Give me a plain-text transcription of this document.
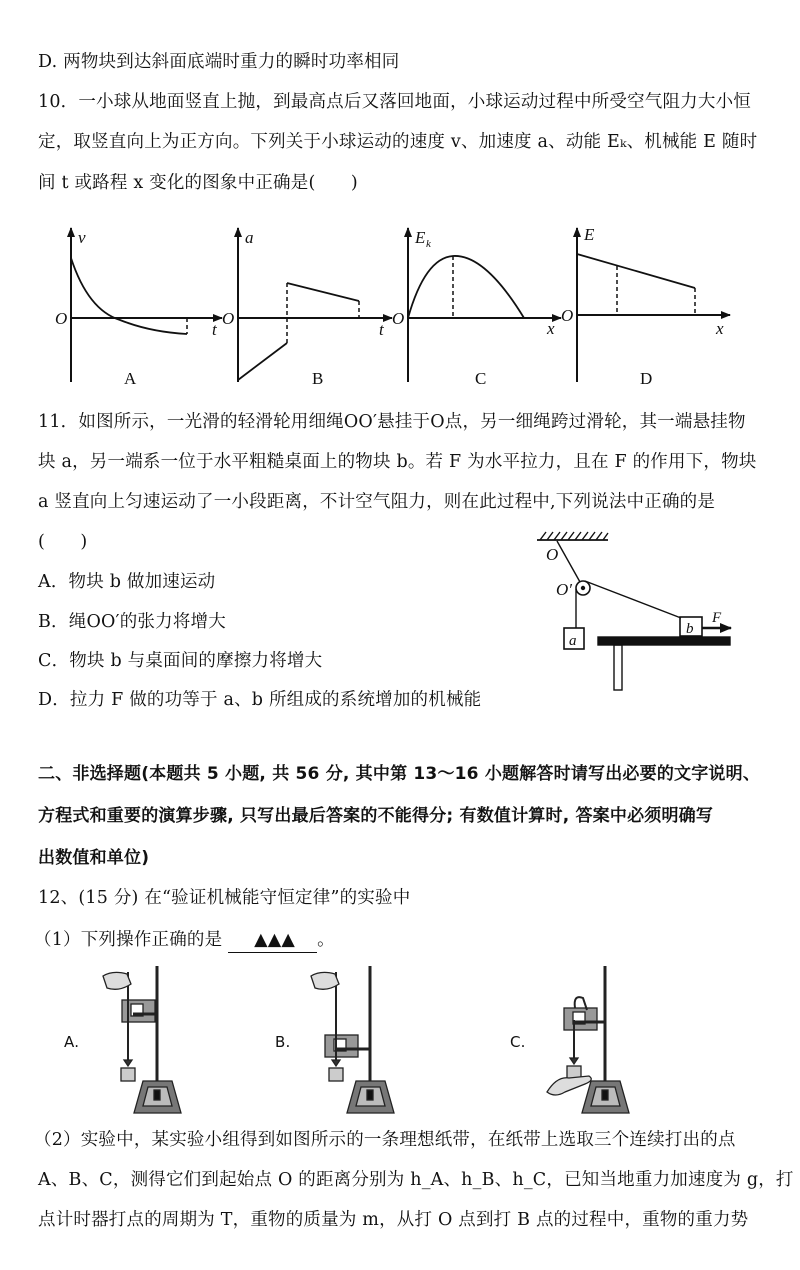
D. 两物块到达斜面底端时重力的瞬时功率相同
10．一小球从地面竖直上抛，到最高点后又落回地面，小球运动过程中所受空气阻力大小恒
定，取竖直向上为正方向。下列关于小球运动的速度 v、加速度 a、动能 Eₖ、机械能 E 随时
间 t 或路程 x 变化的图象中正确是(　　)
v
O
t
A
a
O
t
B
E k
O
x
C
E
O
x
D
O
O′
a
b
F
11．如图所示，一光滑的轻滑轮用细绳OO′悬挂于O点，另一细绳跨过滑轮，其一端悬挂物
块 a，另一端系一位于水平粗糙桌面上的物块 b。若 F 为水平拉力，且在 F 的作用下，物块
a 竖直向上匀速运动了一小段距离，不计空气阻力，则在此过程中,下列说法中正确的是
(　　)
A．物块 b 做加速运动
B．绳OO′的张力将增大
C．物块 b 与桌面间的摩擦力将增大
D．拉力 F 做的功等于 a、b 所组成的系统增加的机械能
二、非选择题(本题共 5 小题, 共 56 分, 其中第 13～16 小题解答时请写出必要的文字说明、
方程式和重要的演算步骤, 只写出最后答案的不能得分; 有数值计算时, 答案中必须明确写
出数值和单位)
12、(15 分) 在“验证机械能守恒定律”的实验中
（1）下列操作正确的是 ▲▲▲ 。
A.	B.	C.
（2）实验中，某实验小组得到如图所示的一条理想纸带，在纸带上选取三个连续打出的点
A、B、C，测得它们到起始点 O 的距离分别为 h_A、h_B、h_C，已知当地重力加速度为 g，打
点计时器打点的周期为 T，重物的质量为 m，从打 O 点到打 B 点的过程中，重物的重力势
